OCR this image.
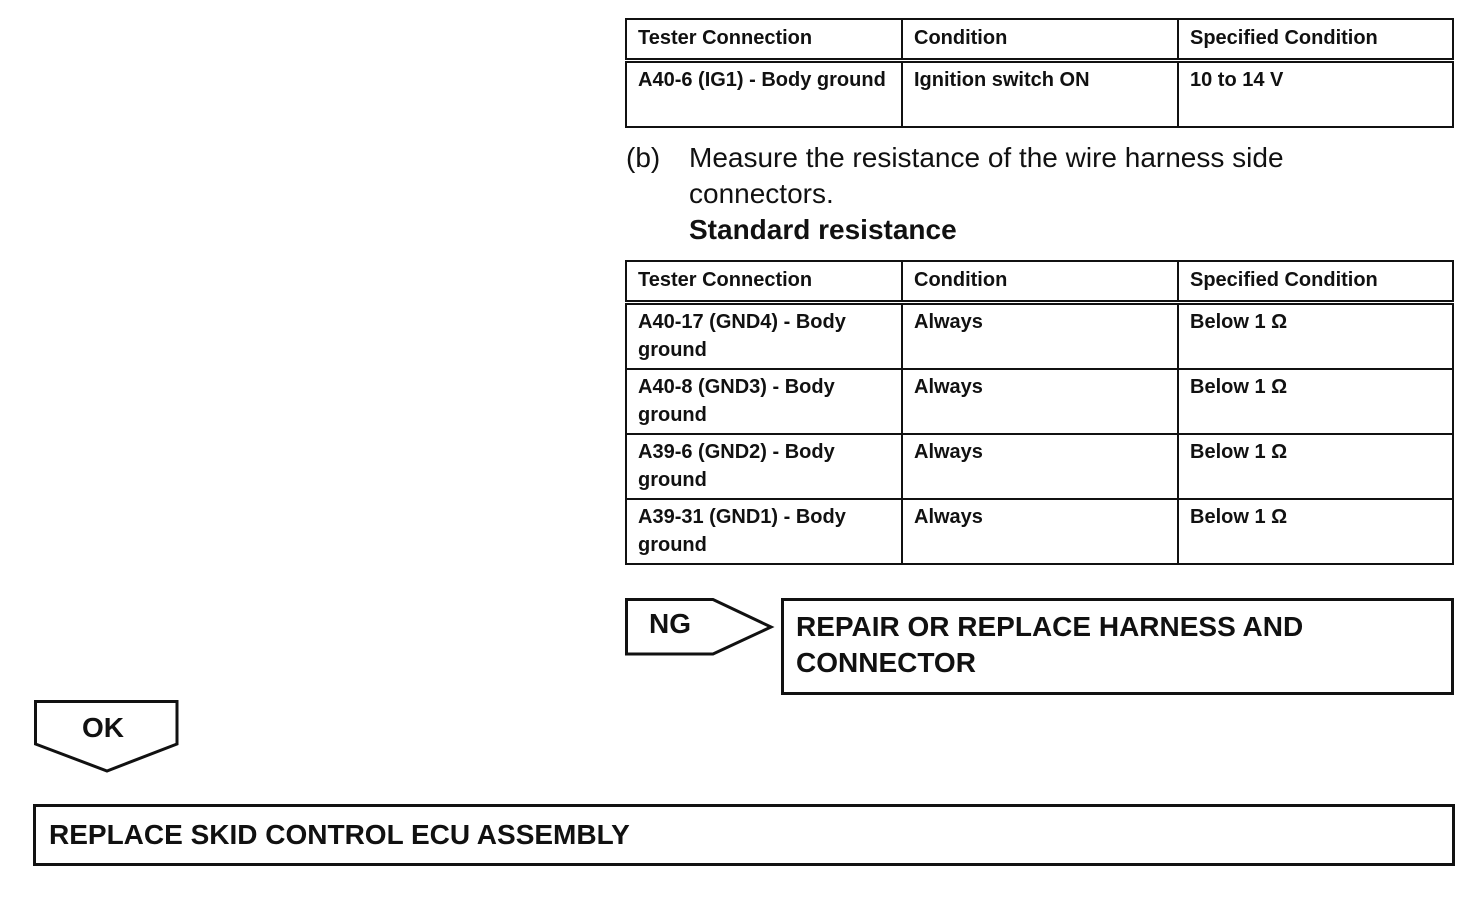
Tester Connection	Condition	Specified Condition
A40-6 (IG1) - Body ground	Ignition switch ON	10 to 14 V
(b) Measure the resistance of the wire harness side connectors.
Standard resistance
Tester Connection	Condition	Specified Condition
A40-17 (GND4) - Body ground	Always	Below 1 Ω
A40-8 (GND3) - Body ground	Always	Below 1 Ω
A39-6 (GND2) - Body ground	Always	Below 1 Ω
A39-31 (GND1) - Body ground	Always	Below 1 Ω
NG	REPAIR OR REPLACE HARNESS AND CONNECTOR
OK
REPLACE SKID CONTROL ECU ASSEMBLY
